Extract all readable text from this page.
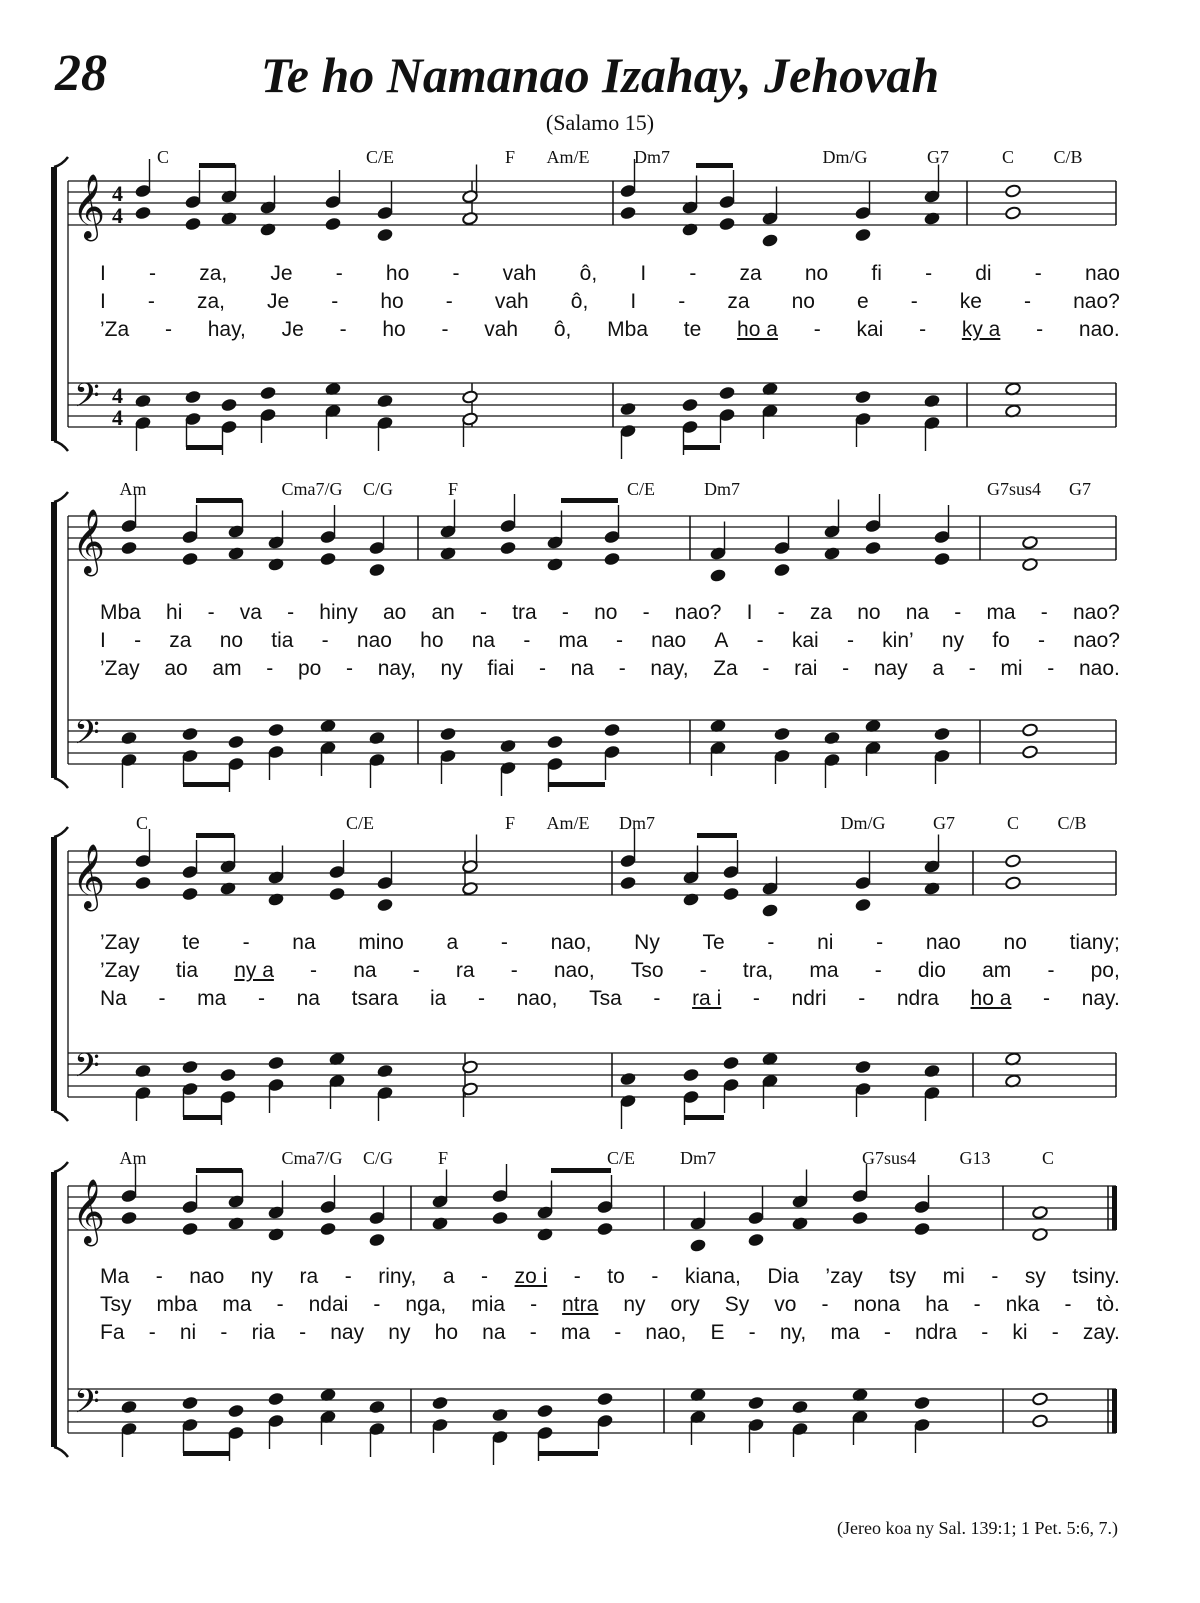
28	Te ho Namanao Izahay, Jehovah
(Salamo 15)
𝄞
𝄢
4
4
4
4
𝄞
𝄢
𝄞
𝄢
𝄞
𝄢
(Jereo koa ny Sal. 139:1; 1 Pet. 5:6, 7.)
C	C/E	F Am/E Dm7	Dm/G	G7	C C/B
I - za, Je - ho - vah ô, I - za no fi - di - nao
I - za, Je - ho - vah ô, I - za no e - ke - nao?
’Za - hay, Je - ho - vah ô, Mba te ho a - kai - ky a - nao.
Am	Cma7/G C/G	F	C/E	Dm7	G7sus4 G7
Mba hi - va - hiny ao an - tra - no - nao? I - za no na - ma - nao?
I - za no tia - nao ho na - ma - nao A - kai - kin’ ny fo - nao?
’Zay ao am - po - nay, ny fiai - na - nay, Za - rai - nay a - mi - nao.
C	C/E	F Am/E Dm7	Dm/G	G7	C C/B
’Zay te - na mino a - nao, Ny Te - ni - nao no tiany;
’Zay tia ny a - na - ra - nao, Tso - tra, ma - dio am - po,
Na - ma - na tsara ia - nao, Tsa - ra i - ndri - ndra ho a - nay.
Am	Cma7/G C/G F	C/E Dm7	G7sus4 G13	C
Ma - nao ny ra - riny, a - zo i - to - kiana, Dia ’zay tsy mi - sy tsiny.
Tsy mba ma - ndai - nga, mia - ntra ny ory Sy vo - nona ha - nka - tò.
Fa - ni - ria - nay ny ho na - ma - nao, E - ny, ma - ndra - ki - zay.
